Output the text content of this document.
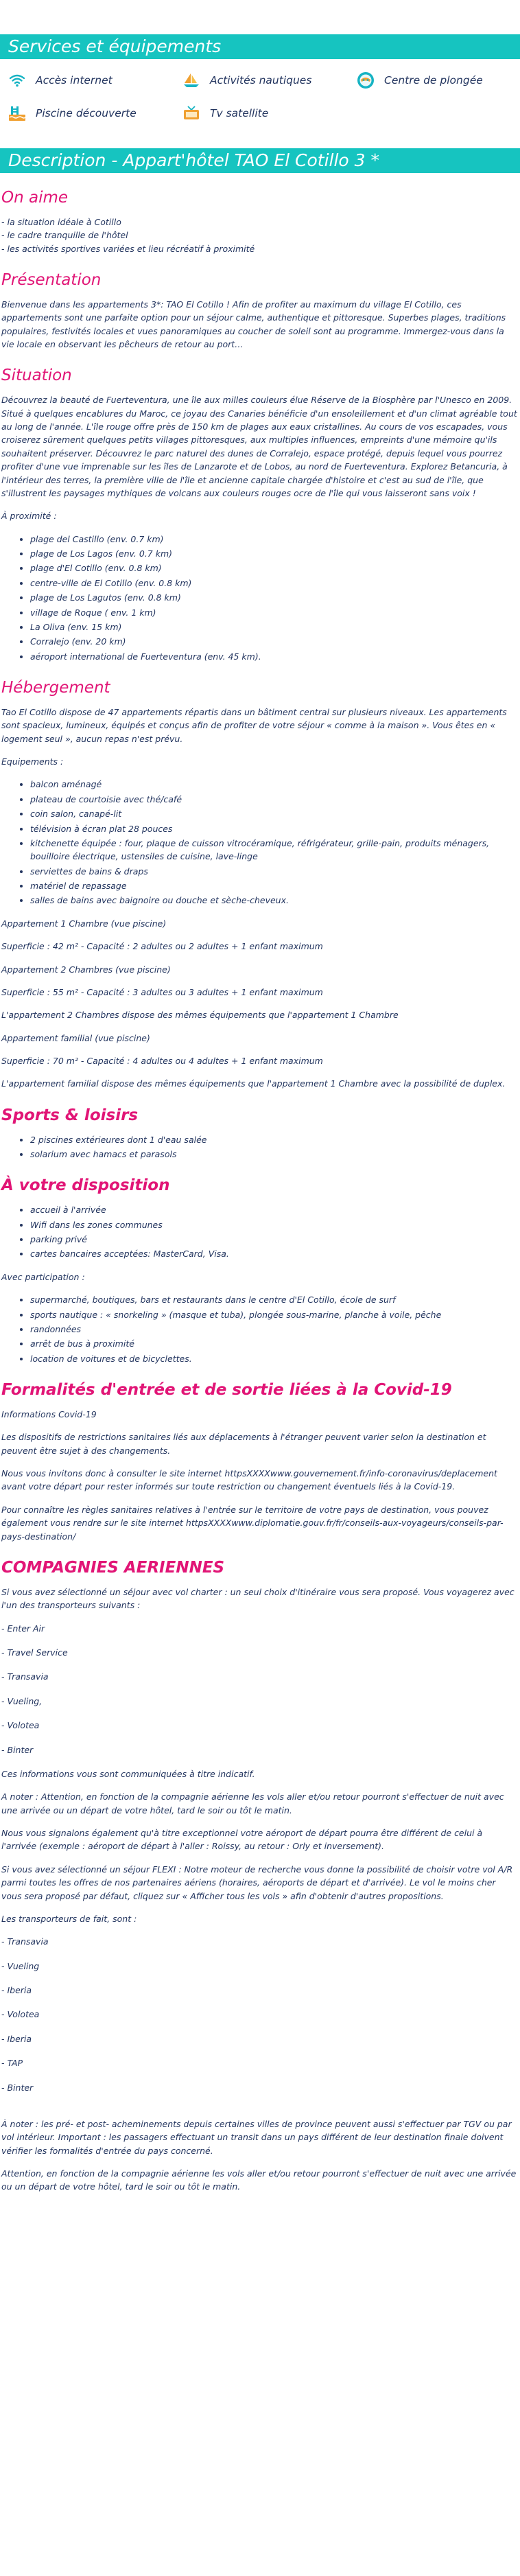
Services et équipements
Accès internet	Activités nautiques	Centre de plongée
Piscine découverte	Tv satellite
Description - Appart'hôtel TAO El Cotillo 3 *
On aime

- la situation idéale à Cotillo

- le cadre tranquille de l'hôtel

- les activités sportives variées et lieu récréatif à proximité

Présentation

Bienvenue dans les appartements 3*: TAO El Cotillo ! Afin de profiter au maximum du village El Cotillo, ces appartements sont une parfaite option pour un séjour calme, authentique et pittoresque. Superbes plages, traditions populaires, festivités locales et vues panoramiques au coucher de soleil sont au programme. Immergez-vous dans la vie locale en observant les pêcheurs de retour au port…

Situation

Découvrez la beauté de Fuerteventura, une île aux milles couleurs élue Réserve de la Biosphère par l'Unesco en 2009. Situé à quelques encablures du Maroc, ce joyau des Canaries bénéficie d'un ensoleillement et d'un climat agréable tout au long de l'année. L'île rouge offre près de 150 km de plages aux eaux cristallines. Au cours de vos escapades, vous croiserez sûrement quelques petits villages pittoresques, aux multiples influences, empreints d'une mémoire qu'ils souhaitent préserver. Découvrez le parc naturel des dunes de Corralejo, espace protégé, depuis lequel vous pourrez profiter d'une vue imprenable sur les îles de Lanzarote et de Lobos, au nord de Fuerteventura. Explorez Betancuria, à l'intérieur des terres, la première ville de l'île et ancienne capitale chargée d'histoire et c'est au sud de l'île, que s'illustrent les paysages mythiques de volcans aux couleurs rouges ocre de l'île qui vous laisseront sans voix !

À proximité :

• plage del Castillo (env. 0.7 km)
• plage de Los Lagos (env. 0.7 km)
• plage d'El Cotillo (env. 0.8 km)
• centre-ville de El Cotillo (env. 0.8 km)
• plage de Los Lagutos (env. 0.8 km)
• village de Roque ( env. 1 km)
• La Oliva (env. 15 km)
• Corralejo (env. 20 km)
• aéroport international de Fuerteventura (env. 45 km).
Hébergement

Tao El Cotillo dispose de 47 appartements répartis dans un bâtiment central sur plusieurs niveaux. Les appartements sont spacieux, lumineux, équipés et conçus afin de profiter de votre séjour « comme à la maison ». Vous êtes en « logement seul », aucun repas n'est prévu.

Equipements :

• balcon aménagé
• plateau de courtoisie avec thé/café
• coin salon, canapé-lit
• télévision à écran plat 28 pouces
• kitchenette équipée : four, plaque de cuisson vitrocéramique, réfrigérateur, grille-pain, produits ménagers, bouilloire électrique, ustensiles de cuisine, lave-linge
• serviettes de bains & draps
• matériel de repassage
• salles de bains avec baignoire ou douche et sèche-cheveux.

Appartement 1 Chambre (vue piscine)

Superficie : 42 m² - Capacité : 2 adultes ou 2 adultes + 1 enfant maximum

Appartement 2 Chambres (vue piscine)

Superficie : 55 m² - Capacité : 3 adultes ou 3 adultes + 1 enfant maximum

L'appartement 2 Chambres dispose des mêmes équipements que l'appartement 1 Chambre

Appartement familial (vue piscine)

Superficie : 70 m² - Capacité : 4 adultes ou 4 adultes + 1 enfant maximum

L'appartement familial dispose des mêmes équipements que l'appartement 1 Chambre avec la possibilité de duplex.

Sports & loisirs
• 2 piscines extérieures dont 1 d'eau salée
• solarium avec hamacs et parasols
À votre disposition
• accueil à l'arrivée
• Wifi dans les zones communes
• parking privé
• cartes bancaires acceptées: MasterCard, Visa.

Avec participation :

• supermarché, boutiques, bars et restaurants dans le centre d'El Cotillo, école de surf
• sports nautique : « snorkeling » (masque et tuba), plongée sous-marine, planche à voile, pêche
• randonnées
• arrêt de bus à proximité
• location de voitures et de bicyclettes.
Formalités d'entrée et de sortie liées à la Covid-19

Informations Covid-19

Les dispositifs de restrictions sanitaires liés aux déplacements à l'étranger peuvent varier selon la destination et peuvent être sujet à des changements.

Nous vous invitons donc à consulter le site internet httpsXXXXwww.gouvernement.fr/info-coronavirus/deplacement avant votre départ pour rester informés sur toute restriction ou changement éventuels liés à la Covid-19.

Pour connaître les règles sanitaires relatives à l'entrée sur le territoire de votre pays de destination, vous pouvez également vous rendre sur le site internet httpsXXXXwww.diplomatie.gouv.fr/fr/conseils-aux-voyageurs/conseils-par-pays-destination/

COMPAGNIES AERIENNES

Si vous avez sélectionné un séjour avec vol charter : un seul choix d'itinéraire vous sera proposé. Vous voyagerez avec l'un des transporteurs suivants :

- Enter Air

- Travel Service

- Transavia

- Vueling,

- Volotea

- Binter

Ces informations vous sont communiquées à titre indicatif.

A noter : Attention, en fonction de la compagnie aérienne les vols aller et/ou retour pourront s'effectuer de nuit avec une arrivée ou un départ de votre hôtel, tard le soir ou tôt le matin.

Nous vous signalons également qu'à titre exceptionnel votre aéroport de départ pourra être différent de celui à l'arrivée (exemple : aéroport de départ à l'aller : Roissy, au retour : Orly et inversement).

Si vous avez sélectionné un séjour FLEXI : Notre moteur de recherche vous donne la possibilité de choisir votre vol A/R parmi toutes les offres de nos partenaires aériens (horaires, aéroports de départ et d'arrivée). Le vol le moins cher vous sera proposé par défaut, cliquez sur « Afficher tous les vols » afin d'obtenir d'autres propositions.

Les transporteurs de fait, sont :

- Transavia

- Vueling

- Iberia

- Volotea

- Iberia

- TAP

- Binter

À noter : les pré- et post- acheminements depuis certaines villes de province peuvent aussi s'effectuer par TGV ou par vol intérieur. Important : les passagers effectuant un transit dans un pays différent de leur destination finale doivent vérifier les formalités d'entrée du pays concerné.

Attention, en fonction de la compagnie aérienne les vols aller et/ou retour pourront s'effectuer de nuit avec une arrivée ou un départ de votre hôtel, tard le soir ou tôt le matin.
